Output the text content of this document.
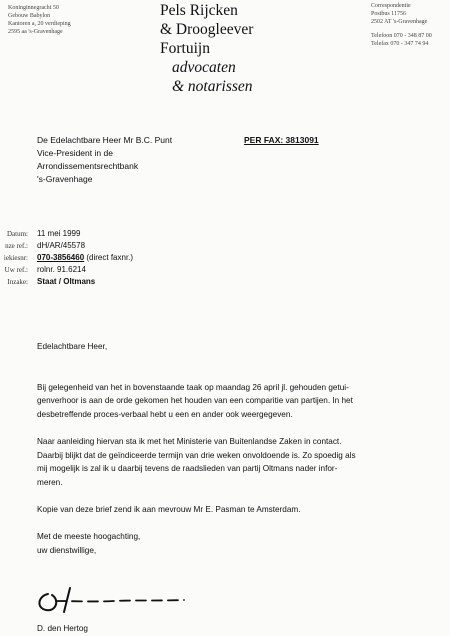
Koninginnegracht 50
Gebouw Babylon
Kantoren a, 20 verdieping
2595 aa 's-Gravenhage
Pels Rijcken
& Droogleever
Fortuijn
advocaten
& notarissen
Correspondentie
Postbus 11756
2502 AT 's-Gravenhage
Telefoon 070 - 348 87 00
Telefax 070 - 347 74 94
De Edelachtbare Heer Mr B.C. Punt
Vice-President in de
Arrondissementsrechtbank
's-Gravenhage
PER FAX: 3813091
Datum: 11 mei 1999
nze ref.: dH/AR/45578
iekiesnr: 070-3856460 (direct faxnr.)
Uw ref.: rolnr. 91.6214
Inzake: Staat / Oltmans
Edelachtbare Heer,
Bij gelegenheid van het in bovenstaande taak op maandag 26 april jl. gehouden getui-
genverhoor is aan de orde gekomen het houden van een comparitie van partijen. In het
desbetreffende proces-verbaal hebt u een en ander ook weergegeven.
Naar aanleiding hiervan sta ik met het Ministerie van Buitenlandse Zaken in contact.
Daarbij blijkt dat de geïndiceerde termijn van drie weken onvoldoende is. Zo spoedig als
mij mogelijk is zal ik u daarbij tevens de raadslieden van partij Oltmans nader infor-
meren.
Kopie van deze brief zend ik aan mevrouw Mr E. Pasman te Amsterdam.
Met de meeste hoogachting,
uw dienstwillige,
D. den Hertog
